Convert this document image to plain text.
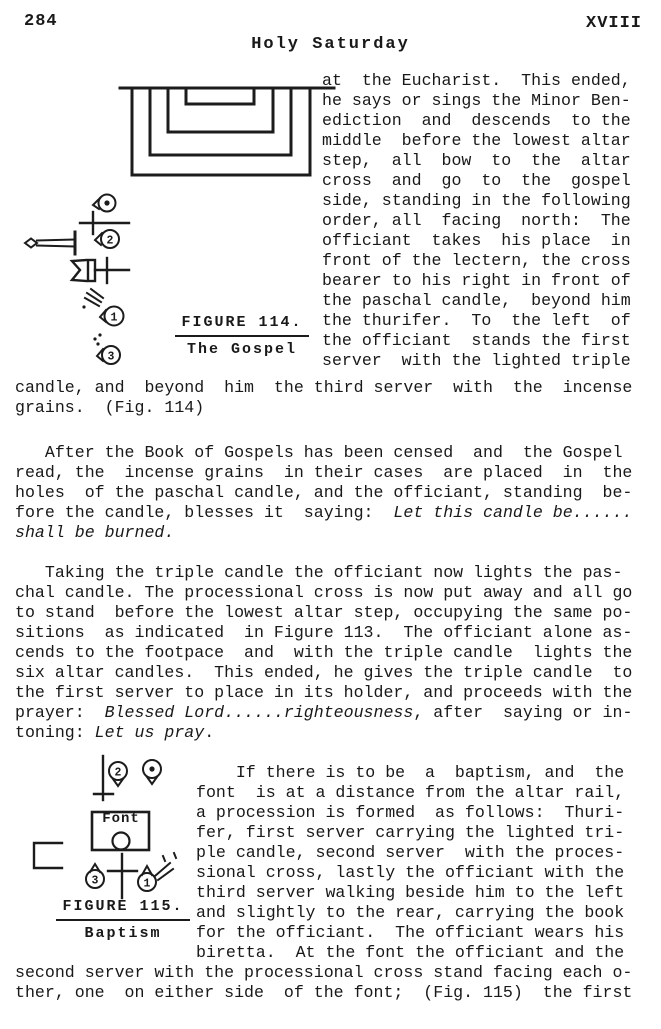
284	XVIII
Holy Saturday
2
1
3
FIGURE 114.
The Gospel
at  the Eucharist.  This ended,
he says or sings the Minor Ben-
ediction  and  descends  to the
middle  before the lowest altar
step,  all  bow  to  the  altar
cross  and  go  to  the  gospel
side, standing in the following
order, all  facing  north:  The
officiant  takes  his place  in
front of the lectern, the cross
bearer to his right in front of
the paschal candle,  beyond him
the thurifer.  To  the left  of
the officiant  stands the first
server  with the lighted triple
candle, and  beyond  him  the third server  with  the  incense
grains.  (Fig. 114)
After the Book of Gospels has been censed  and  the Gospel
read, the  incense grains  in their cases  are placed  in  the
holes  of the paschal candle, and the officiant, standing  be-
fore the candle, blesses it  saying:  Let this candle be......
shall be burned.
Taking the triple candle the officiant now lights the pas-
chal candle. The processional cross is now put away and all go
to stand  before the lowest altar step, occupying the same po-
sitions  as indicated  in Figure 113.  The officiant alone as-
cends to the footpace  and  with the triple candle  lights the
six altar candles.  This ended, he gives the triple candle  to
the first server to place in its holder, and proceeds with the
prayer:  Blessed Lord......righteousness, after  saying or in-
toning: Let us pray.
2
3	1
Font
FIGURE 115.
Baptism
If there is to be  a  baptism, and  the
font  is at a distance from the altar rail,
a procession is formed  as follows:  Thuri-
fer, first server carrying the lighted tri-
ple candle, second server  with the proces-
sional cross, lastly the officiant with the
third server walking beside him to the left
and slightly to the rear, carrying the book
for the officiant.  The officiant wears his
biretta.  At the font the officiant and the
second server with the processional cross stand facing each o-
ther, one  on either side  of the font;  (Fig. 115)  the first
